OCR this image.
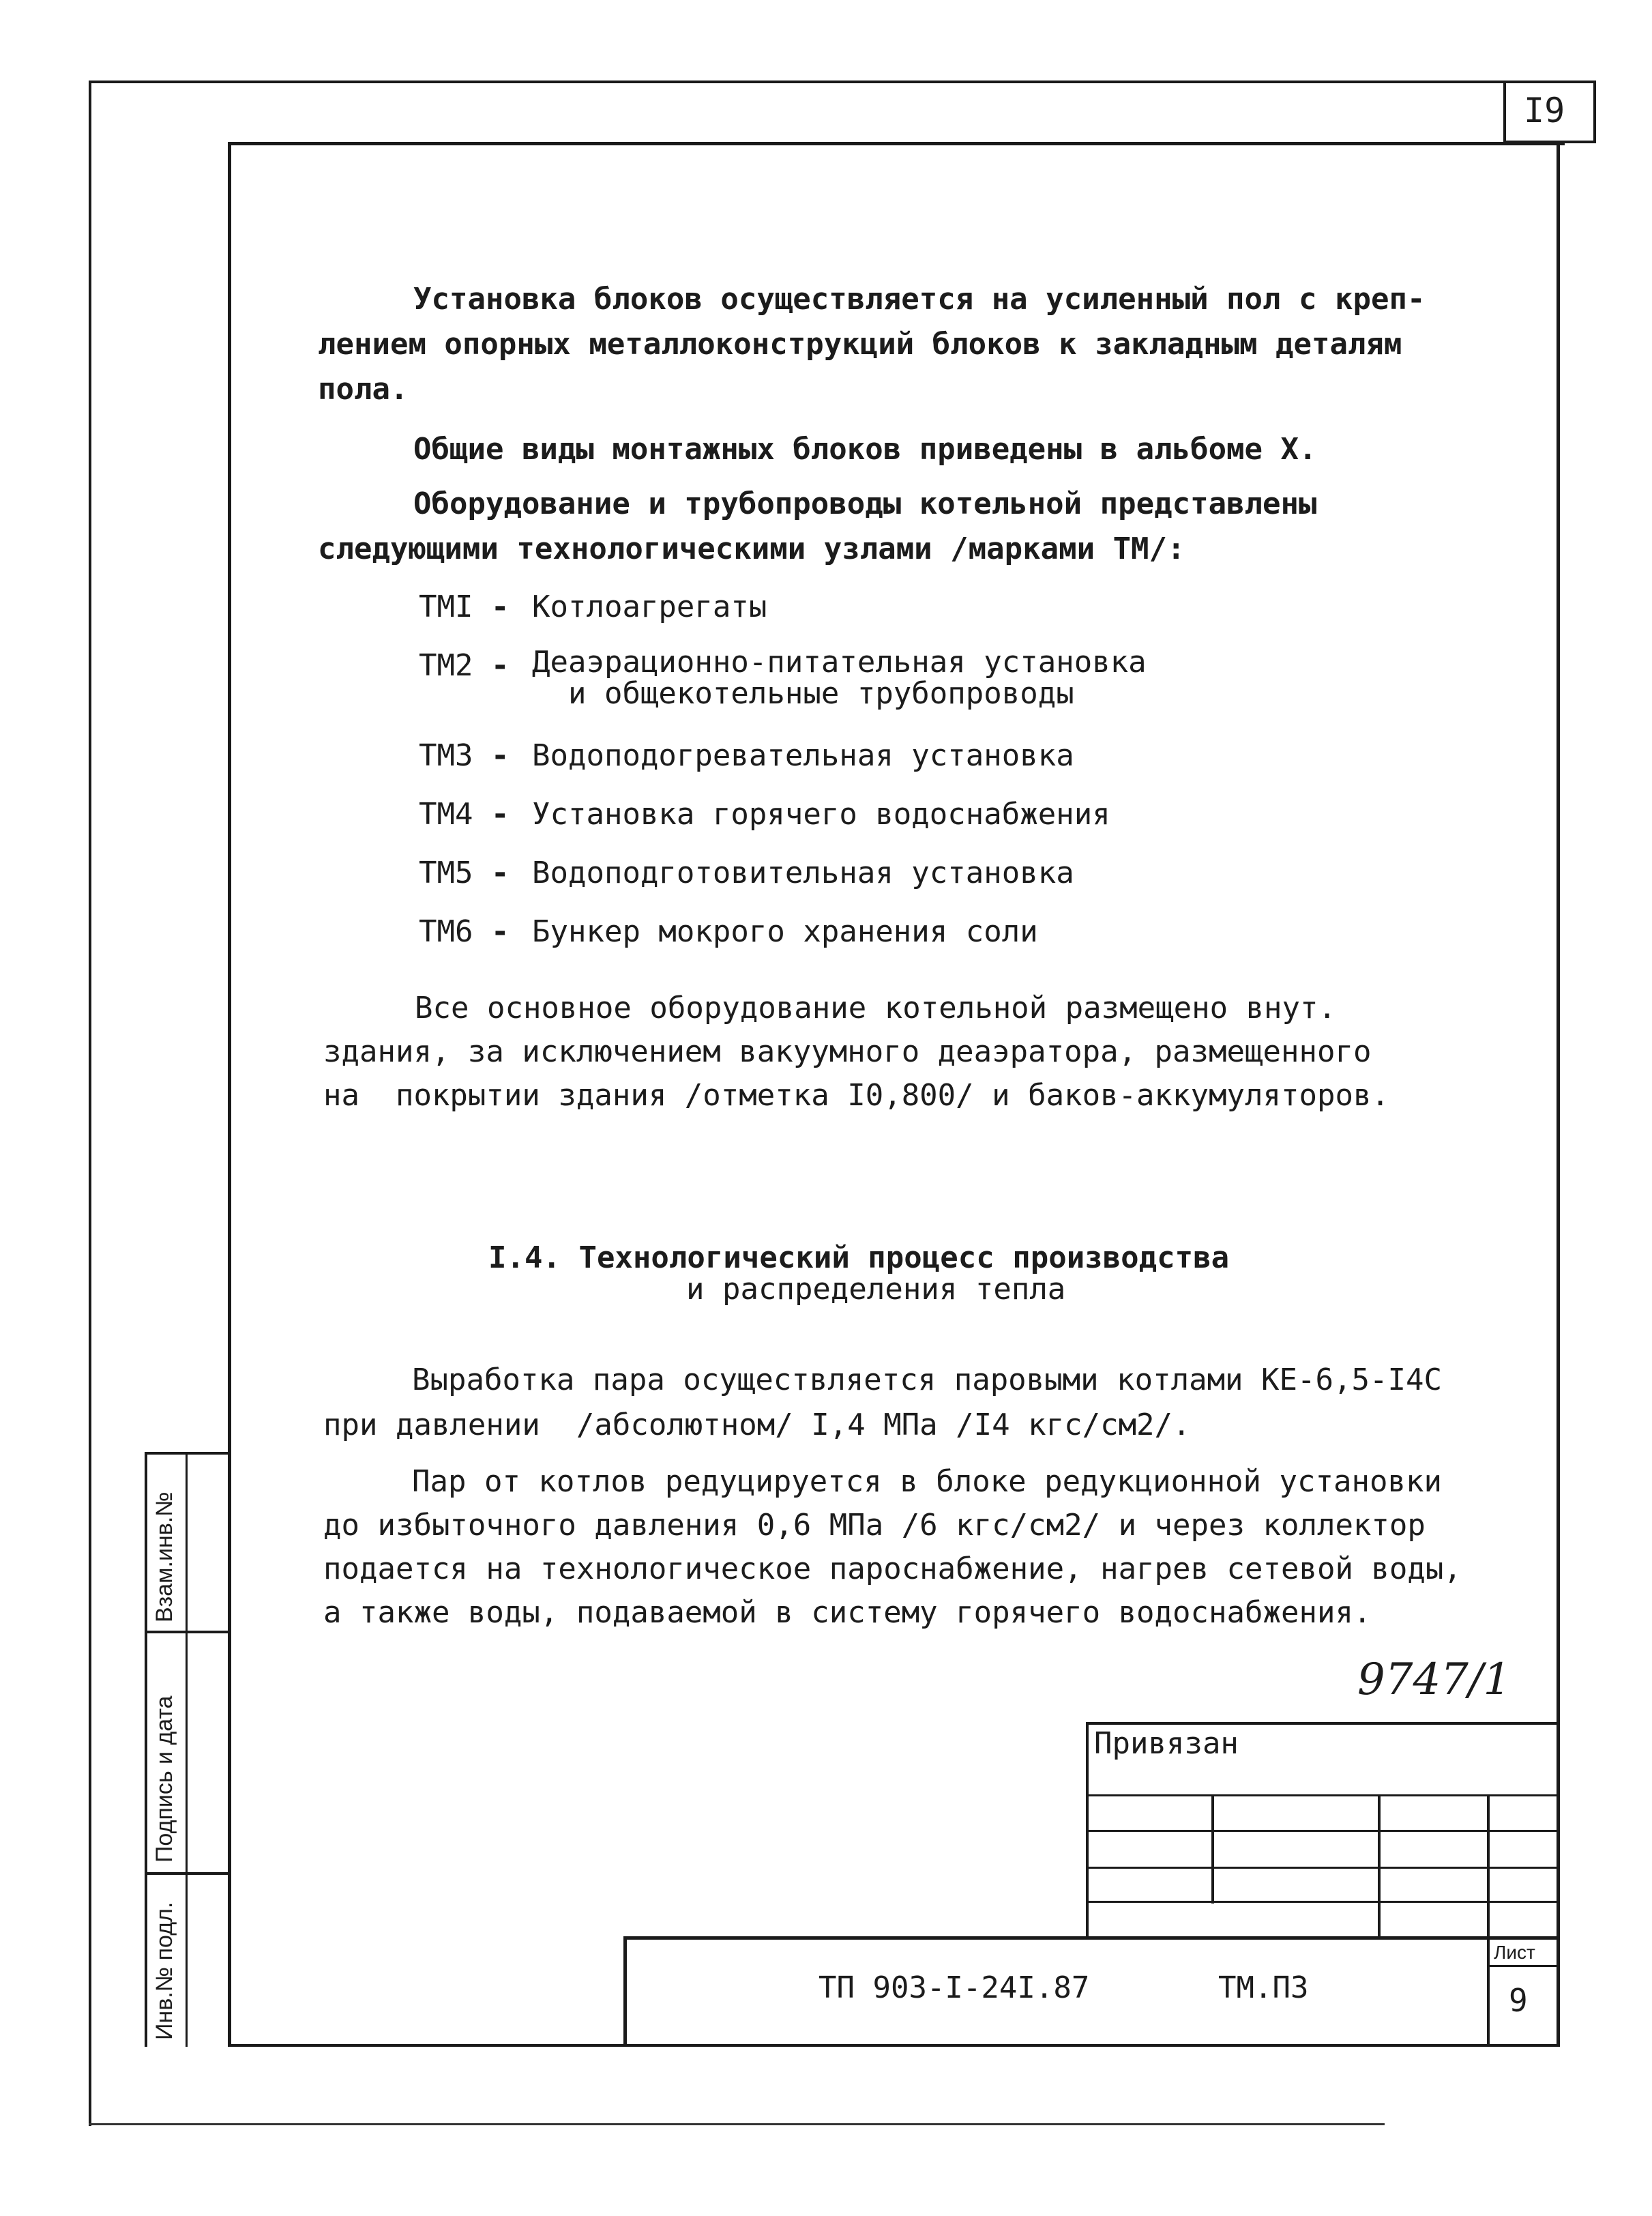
I9
Установка блоков осуществляется на усиленный пол с креп-
лением опорных металлоконструкций блоков к закладным деталям
пола.
Общие виды монтажных блоков приведены в альбоме X.
Оборудование и трубопроводы котельной представлены
следующими технологическими узлами /марками ТМ/:
ТМI - Котлоагрегаты
ТМ2 - Деаэрационно-питательная установка
и общекотельные трубопроводы
ТМ3 - Водоподогревательная установка
ТМ4 - Установка горячего водоснабжения
ТМ5 - Водоподготовительная установка
ТМ6 - Бункер мокрого хранения соли
Все основное оборудование котельной размещено внут.
здания, за исключением вакуумного деаэратора, размещенного
на  покрытии здания /отметка I0,800/ и баков-аккумуляторов.
I.4. Технологический процесс производства
и распределения тепла
Выработка пара осуществляется паровыми котлами КЕ-6,5-I4С
при давлении  /абсолютном/ I,4 МПа /I4 кгс/см2/.
Пар от котлов редуцируется в блоке редукционной установки
до избыточного давления 0,6 МПа /6 кгс/см2/ и через коллектор
подается на технологическое пароснабжение, нагрев сетевой воды,
а также воды, подаваемой в систему горячего водоснабжения.
9747/1
Привязан
ТП 903-I-24I.87	ТМ.ПЗ
Лист
9
Взам.инв.№
Подпись и дата
Инв.№ подл.
